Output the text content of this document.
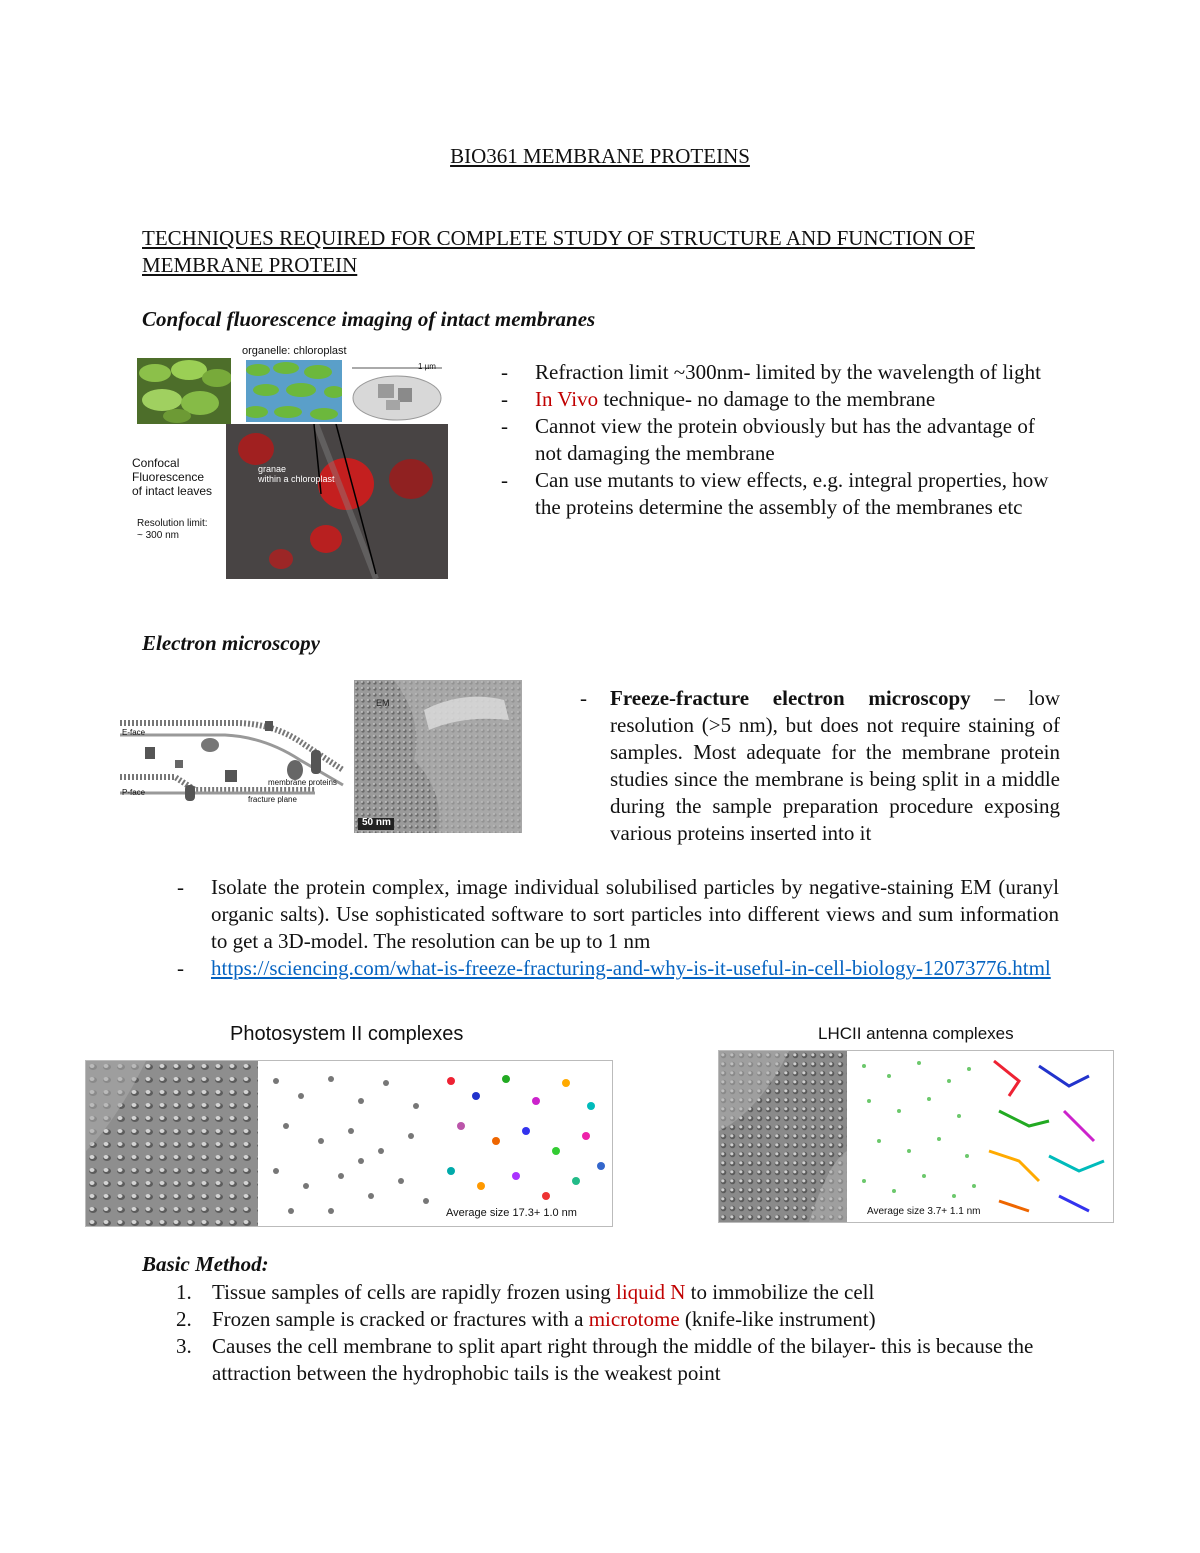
BIO361 MEMBRANE PROTEINS
TECHNIQUES REQUIRED FOR COMPLETE STUDY OF STRUCTURE AND FUNCTION OF MEMBRANE PROTEIN
Confocal fluorescence imaging of intact membranes
organelle: chloroplast
1 µm
granae
within a chloroplast
Confocal
Fluorescence
of intact leaves
Resolution limit:
~ 300 nm
- Refraction limit ~300nm- limited by the wavelength of light
- In Vivo technique- no damage to the membrane
- Cannot view the protein obviously but has the advantage of not damaging the membrane
- Can use mutants to view effects, e.g. integral properties, how the proteins determine the assembly of the membranes etc
Electron microscopy
E-face
P-face
membrane proteins
fracture plane
50 nm
EM	-	Freeze-fracture electron microscopy – low resolution (>5 nm), but does not require staining of samples. Most adequate for the membrane protein studies since the membrane is being split in a middle during the sample preparation procedure exposing various proteins inserted into it
- Isolate the protein complex, image individual solubilised particles by negative-staining EM (uranyl organic salts). Use sophisticated software to sort particles into different views and sum information to get a 3D-model. The resolution can be up to 1 nm
- https://sciencing.com/what-is-freeze-fracturing-and-why-is-it-useful-in-cell-biology-12073776.html
Photosystem II complexes
Average size 17.3+ 1.0 nm
LHCII antenna complexes
Average size 3.7+ 1.1 nm
Basic Method:
1. Tissue samples of cells are rapidly frozen using liquid N to immobilize the cell
2. Frozen sample is cracked or fractures with a microtome (knife-like instrument)
3. Causes the cell membrane to split apart right through the middle of the bilayer- this is because the attraction between the hydrophobic tails is the weakest point
